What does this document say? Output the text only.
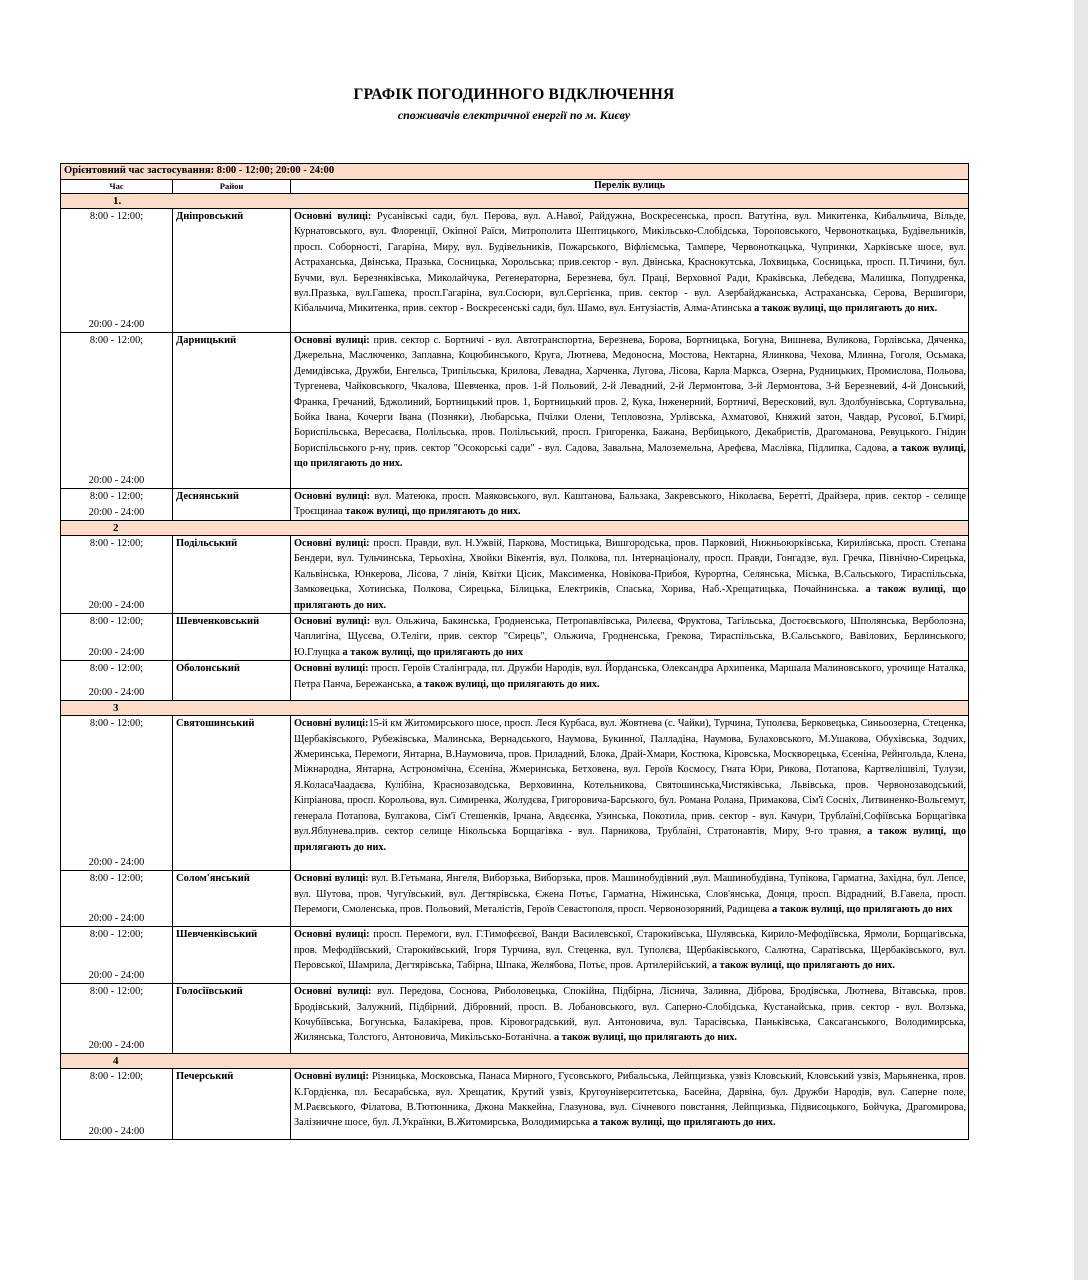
ГРАФІК ПОГОДИННОГО ВІДКЛЮЧЕННЯ
споживачів електричної енергії по м. Києву
Орієнтовний час застосування: 8:00 - 12:00; 20:00 - 24:00		
Час	Район	Перелік вулиць
1.		

8:00 - 12:00;
20:00 - 24:00	Дніпровський	Основні вулиці: Русанівські сади, бул. Перова, вул. А.Навої, Райдужна, Воскресенська, просп. Ватутіна, вул. Микитенка, Кибальчича, Вільде, Курнатовського, вул. Флоренції, Окіпної Раїси, Митрополита Шептицького, Микільсько-Слобідська, Тороповського, Червоноткацька, Будівельників, просп. Соборності, Гагаріна, Миру, вул. Будівельників, Пожарського, Віфліємська, Тампере, Червоноткацька, Чупринки, Харківське шосе, вул. Астраханська, Двінська, Празька, Сосницька, Хорольська; прив.сектор - вул. Двінська, Краснокутська, Лохвицька, Сосницька, просп. П.Тичини, бул. Бучми, вул. Березняківська, Миколайчука, Регенераторна, Березнева, бул. Праці, Верховної Ради, Краківська, Лебедєва, Малишка, Попудренка, вул.Празька, вул.Гашека, просп.Гагаріна, вул.Сосюри, вул.Сергієнка, прив. сектор - вул. Азербайджанська, Астраханська, Серова, Вершигори, Кібальчича, Микитенка, прив. сектор - Воскресенські сади, бул. Шамо, вул. Ентузіастів, Алма-Атинська а також вулиці, що прилягають до них.

8:00 - 12:00;
20:00 - 24:00	Дарницький	Основні вулиці: прив. сектор с. Бортничі - вул. Автотранспортна, Березнева, Борова, Бортницька, Богуна, Вишнева, Вуликова, Горлівська, Дяченка, Джерельна, Маслюченко, Заплавна, Коцюбинського, Круга, Лютнева, Медоносна, Мостова, Нектарна, Ялинкова, Чехова, Млинна, Гоголя, Осьмака, Демидівська, Дружби, Енгельса, Трипільська, Крилова, Левадна, Харченка, Лугова, Лісова, Карла Маркса, Озерна, Рудницьких, Промислова, Польова, Тургенева, Чайковського, Чкалова, Шевченка, пров. 1-й Польовий, 2-й Левадний, 2-й Лермонтова, 3-й Лермонтова, 3-й Березневий, 4-й Донський, Франка, Гречаний, Бджолиний, Бортницький пров. 1, Бортницький пров. 2, Кука, Інженерний, Бортничі, Вересковий, вул. Здолбунівська, Сортувальна, Бойка Івана, Кочерги Івана (Позняки), Любарська, Пчілки Олени, Тепловозна, Урлівська, Ахматової, Княжий затон, Чавдар, Русової, Б.Гмирі, Бориспільська, Вересаєва, Полільська, пров. Полільський, просп. Григоренка, Бажана, Вербицького, Декабристів, Драгоманова, Ревуцького. Гнідин Бориспільського р-ну, прив. сектор "Осокорські сади" - вул. Садова, Завальна, Малоземельна, Арефєва, Маслівка, Підлипка, Садова, а також вулиці, що прилягають до них.

8:00 - 12:00;
20:00 - 24:00	Деснянський	Основні вулиці: вул. Матеюка, просп. Маяковського, вул. Каштанова, Бальзака, Закревського, Ніколаєва, Беретті, Драйзера, прив. сектор - селище Троєщинаа також вулиці, що прилягають до них.
2		

8:00 - 12:00;
20:00 - 24:00	Подільський	Основні вулиці: просп. Правди, вул. Н.Ужвій, Паркова, Мостицька, Вишгородська, пров. Парковий, Нижньоюрківська, Кирилівська, просп. Степана Бендери, вул. Тульчинська, Терьохіна, Хвойки Вікентія, вул. Полкова, пл. Інтернаціоналу, просп. Правди, Гонгадзе, вул. Гречка, Північно-Сирецька, Кальвінська, Юнкерова, Лісова, 7 лінія, Квітки Цісик, Максименка, Новікова-Прибоя, Курортна, Селянська, Міська, В.Сальського, Тираспільська, Замковецька, Хотинська, Полкова, Сирецька, Білицька, Електриків, Спаська, Хорива, Наб.-Хрещатицька, Почайнинська. а також вулиці, що прилягають до них.

8:00 - 12:00;
20:00 - 24:00	Шевченковський	Основні вулиці: вул. Ольжича, Бакинська, Гродненська, Петропавлівська, Рилєєва, Фруктова, Тагільська, Достоєвського, Шполянська, Верболозна, Чаплигіна, Щусєва, О.Теліги, прив. сектор "Сирець", Ольжича, Гродненська, Грекова, Тираспільська, В.Сальського, Вавілових, Берлинського, Ю.Глущка а також вулиці, що прилягають до них

8:00 - 12:00;
20:00 - 24:00	Оболонський	Основні вулиці: просп. Героїв Сталінграда, пл. Дружби Народів, вул. Йорданська, Олександра Архипенка, Маршала Малиновського, урочище Наталка, Петра Панча, Бережанська, а також вулиці, що прилягають до них.
3		

8:00 - 12:00;
20:00 - 24:00	Святошинський	Основні вулиці:15-й км Житомирського шосе, просп. Леся Курбаса, вул. Жовтнева (с. Чайки), Турчина, Туполєва, Берковецька, Синьоозерна, Стеценка, Щербаківського, Рубежівська, Малинська, Вернадського, Наумова, Букинної, Палладіна, Наумова, Булаховського, М.Ушакова, Обухівська, Зодчих, Жмеринська, Перемоги, Янтарна, В.Наумовича, пров. Приладний, Блока, Драй-Хмари, Костюка, Кіровська, Москворецька, Єсеніна, Рейнгольда, Клена, Міжнародна, Янтарна, Астрономічна, Єсеніна, Жмеринська, Бетховена, вул. Героїв Космосу, Гната Юри, Рикова, Потапова, Картвелішвілі, Тулузи, Я.КоласаЧаадаєва, Кулібіна, Краснозаводська, Верховинна, Котельникова, Святошинська,Чистяківська, Львівська, пров. Червонозаводський, Кіпріанова, просп. Корольова, вул. Симиренка, Жолудєва, Григоровича-Барського, бул. Романа Ролана, Примакова, Сім'ї Сосніх, Литвиненко-Вольгемут, генерала Потапова, Булгакова, Сім'ї Стешенків, Ірчана, Авдєєнка, Узинська, Покотила, прив. сектор - вул. Качури, Трублаїні,Софіївська Борщагівка вул.Яблунева.прив. сектор селище Нікольська Борщагівка - вул. Парникова, Трублаїні, Стратонавтів, Миру, 9-го травня, а також вулиці, що прилягають до них.

8:00 - 12:00;
20:00 - 24:00	Солом'янський	Основні вулиці: вул. В.Гетьмана, Янгеля, Виборзька, Виборзька, пров. Машинобудівний ,вул. Машинобудівна, Тупікова, Гарматна, Західна, бул. Лепсе, вул. Шутова, пров. Чугуївський, вул. Дегтярівська, Єжена Потьє, Гарматна, Ніжинська, Слов'янська, Донця, просп. Відрадний, В.Гавела, просп. Перемоги, Смоленська, пров. Польовий, Металістів, Героїв Севастополя, просп. Червонозоряний, Радищева а також вулиці, що прилягають до них

8:00 - 12:00;
20:00 - 24:00	Шевченківський	Основні вулиці: просп. Перемоги, вул. Г.Тимофєєвої, Ванди Василевської, Старокиївська, Шулявська, Кирило-Мефодіївська, Ярмоли, Борщагівська, пров. Мефодіївський, Старокиївський, Ігоря Турчина, вул. Стеценка, вул. Туполєва, Щербаківського, Салютна, Саратівська, Щербаківського, вул. Перовської, Шамрила, Дегтярівська, Табірна, Шпака, Желябова, Потьє, пров. Артилерійський, а також вулиці, що прилягають до них.

8:00 - 12:00;
20:00 - 24:00	Голосіївський	Основні вулиці: вул. Передова, Соснова, Риболовецька, Спокійна, Підбірна, Лісничa, Заливна, Діброва, Бродівська, Лютнева, Вітавська, пров. Бродівський, Залужний, Підбірний, Дібровний, просп. В. Лобановського, вул. Саперно-Слобідська, Кустанайська, прив. сектор - вул. Волзька, Кочубіївська, Богунська, Балакірева, пров. Кіровоградський, вул. Антоновича, вул. Тарасівська, Паньківська, Саксаганського, Володимирська, Жилянська, Толстого, Антоновича, Микільсько-Ботанічна. а також вулиці, що прилягають до них.
4		

8:00 - 12:00;
20:00 - 24:00	Печерський	Основні вулиці: Різницька, Московська, Панаса Мирного, Гусовського, Рибальська, Лейпцизька, узвіз Кловський, Кловський узвіз, Марьяненка, пров. К.Гордієнка, пл. Бесарабська, вул. Хрещатик, Крутий узвіз, Кругоуніверситетська, Басейна, Дарвіна, бул. Дружби Народів, вул. Саперне поле, М.Раєвського, Філатова, В.Тютюнника, Джона Маккейна, Глазунова, вул. Січневого повстання, Лейпцизька, Підвисоцького, Бойчука, Драгомирова, Залізничне шосе, бул. Л.Українки, В.Житомирська, Володимирська а також вулиці, що прилягають до них.
